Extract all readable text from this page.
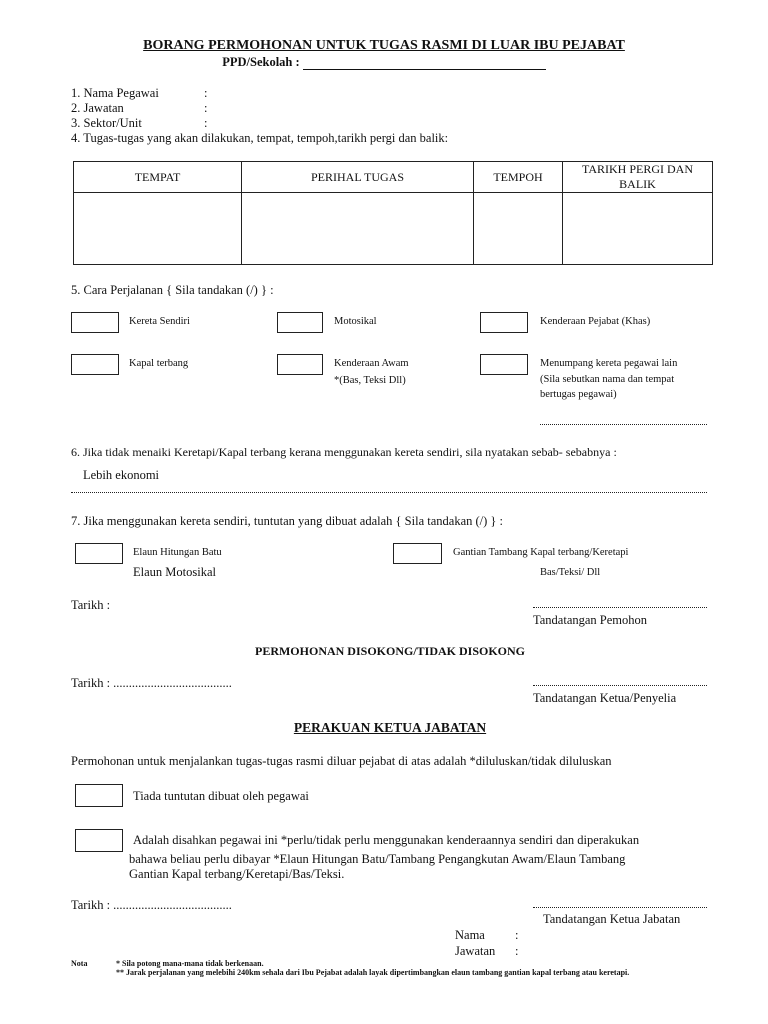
BORANG PERMOHONAN UNTUK TUGAS RASMI DI LUAR IBU PEJABAT
PPD/Sekolah :
1. Nama Pegawai	:
2. Jawatan	:
3. Sektor/Unit	:
4. Tugas-tugas yang akan dilakukan, tempat, tempoh,tarikh pergi dan balik:
TEMPAT	PERIHAL TUGAS	TEMPOH	TARIKH PERGI DAN BALIK

5. Cara Perjalanan { Sila tandakan (/) } :
Kereta Sendiri	Motosikal	Kenderaan Pejabat (Khas)
Kapal terbang	Kenderaan Awam
*(Bas, Teksi Dll)
Menumpang kereta pegawai lain
(Sila sebutkan nama dan tempat
bertugas pegawai)
6. Jika tidak menaiki Keretapi/Kapal terbang kerana menggunakan kereta sendiri, sila nyatakan sebab- sebabnya :
Lebih ekonomi
7. Jika menggunakan kereta sendiri, tuntutan yang dibuat adalah { Sila tandakan (/) } :
Elaun Hitungan Batu
Elaun Motosikal
Gantian Tambang Kapal terbang/Keretapi
Bas/Teksi/ Dll
Tarikh :
Tandatangan Pemohon
PERMOHONAN DISOKONG/TIDAK DISOKONG
Tarikh : ......................................
Tandatangan Ketua/Penyelia
PERAKUAN KETUA JABATAN
Permohonan untuk menjalankan tugas-tugas rasmi diluar pejabat di atas adalah *diluluskan/tidak diluluskan
Tiada tuntutan dibuat oleh pegawai
Adalah disahkan pegawai ini *perlu/tidak perlu menggunakan kenderaannya sendiri dan diperakukan
bahawa beliau perlu dibayar *Elaun Hitungan Batu/Tambang Pengangkutan Awam/Elaun Tambang
Gantian Kapal terbang/Keretapi/Bas/Teksi.
Tarikh : ......................................
Tandatangan Ketua Jabatan
Nama :
Jawatan :
Nota	* Sila potong mana-mana tidak berkenaan.
** Jarak perjalanan yang melebihi 240km sehala dari Ibu Pejabat adalah layak dipertimbangkan elaun tambang gantian kapal terbang atau keretapi.
